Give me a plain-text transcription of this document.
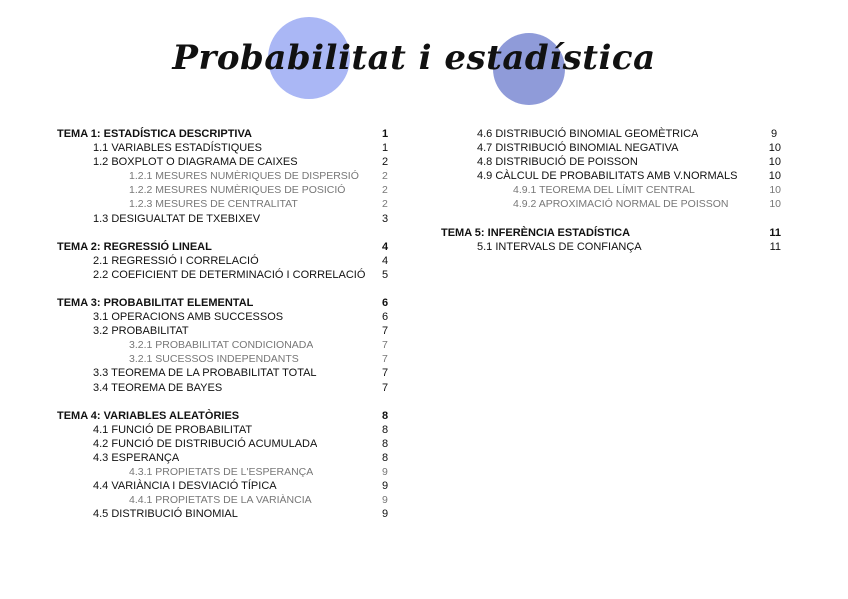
Probabilitat i estadística
TEMA 1: ESTADÍSTICA DESCRIPTIVA	1
1.1 VARIABLES ESTADÍSTIQUES	1
1.2 BOXPLOT O DIAGRAMA DE CAIXES	2
1.2.1 MESURES NUMÈRIQUES DE DISPERSIÓ 2
1.2.2 MESURES NUMÈRIQUES DE POSICIÓ	2
1.2.3 MESURES DE CENTRALITAT	2
1.3 DESIGUALTAT DE TXEBIXEV	3
TEMA 2: REGRESSIÓ LINEAL	4
2.1 REGRESSIÓ I CORRELACIÓ	4
2.2 COEFICIENT DE DETERMINACIÓ I CORRELACIÓ 5
TEMA 3: PROBABILITAT ELEMENTAL	6
3.1 OPERACIONS AMB SUCCESSOS	6
3.2 PROBABILITAT	7
3.2.1 PROBABILITAT CONDICIONADA	7
3.2.1 SUCESSOS INDEPENDANTS	7
3.3 TEOREMA DE LA PROBABILITAT TOTAL	7
3.4 TEOREMA DE BAYES	7
TEMA 4: VARIABLES ALEATÒRIES	8
4.1 FUNCIÓ DE PROBABILITAT	8
4.2 FUNCIÓ DE DISTRIBUCIÓ ACUMULADA	8
4.3 ESPERANÇA	8
4.3.1 PROPIETATS DE L'ESPERANÇA	9
4.4 VARIÀNCIA I DESVIACIÓ TÍPICA	9
4.4.1 PROPIETATS DE LA VARIÀNCIA	9
4.5 DISTRIBUCIÓ BINOMIAL	9
4.6 DISTRIBUCIÓ BINOMIAL GEOMÈTRICA	9
4.7 DISTRIBUCIÓ BINOMIAL NEGATIVA	10
4.8 DISTRIBUCIÓ DE POISSON	10
4.9 CÀLCUL DE PROBABILITATS AMB V.NORMALS	10
4.9.1 TEOREMA DEL LÍMIT CENTRAL	10
4.9.2 APROXIMACIÓ NORMAL DE POISSON	10
TEMA 5: INFERÈNCIA ESTADÍSTICA	11
5.1 INTERVALS DE CONFIANÇA	11
